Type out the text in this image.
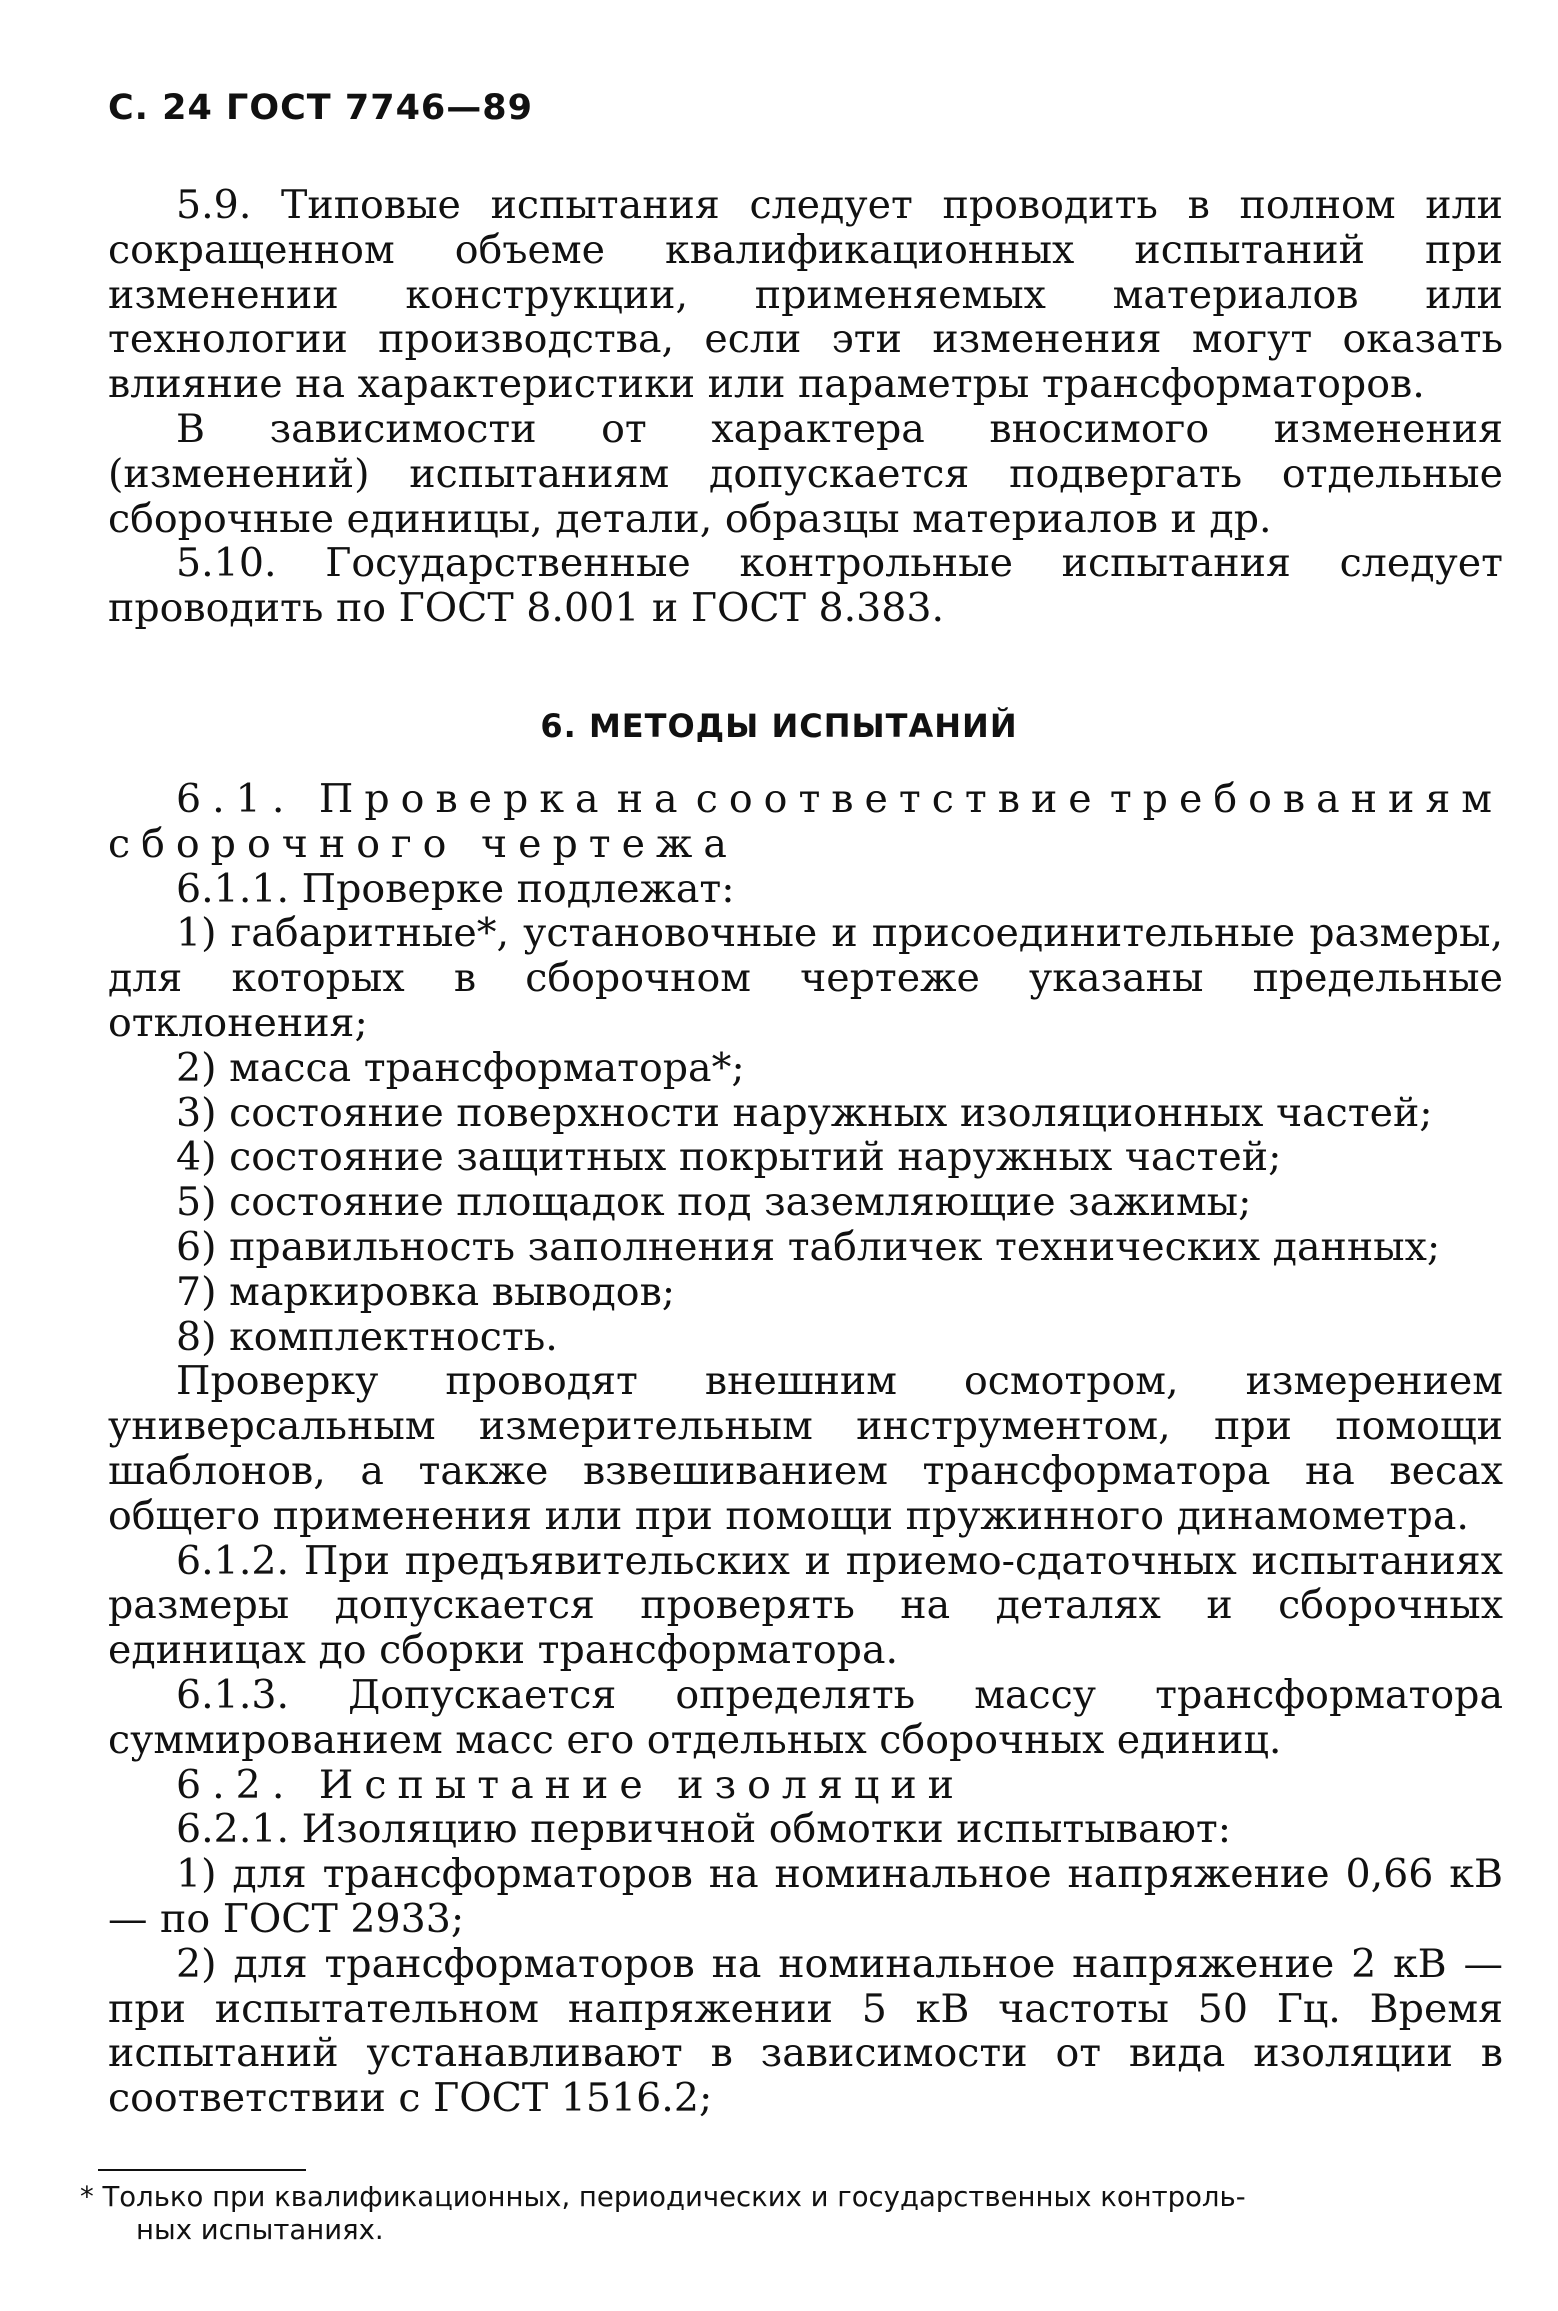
С. 24 ГОСТ 7746—89

5.9. Типовые испытания следует проводить в полном или сокращенном объеме квалификационных испытаний при изменении конструкции, применяемых материалов или технологии производства, если эти изменения могут оказать влияние на характеристики или параметры трансформаторов.

В зависимости от характера вносимого изменения (изменений) испытаниям допускается подвергать отдельные сборочные единицы, детали, образцы материалов и др.

5.10. Государственные контрольные испытания следует проводить по ГОСТ 8.001 и ГОСТ 8.383.

6. МЕТОДЫ ИСПЫТАНИЙ
6.1. Проверка на соответствие требованиям

сборочного чертежа

6.1.1. Проверке подлежат:

1) габаритные*, установочные и присоединительные размеры, для которых в сборочном чертеже указаны предельные отклонения;

2) масса трансформатора*;

3) состояние поверхности наружных изоляционных частей;

4) состояние защитных покрытий наружных частей;

5) состояние площадок под заземляющие зажимы;

6) правильность заполнения табличек технических данных;

7) маркировка выводов;

8) комплектность.

Проверку проводят внешним осмотром, измерением универсальным измерительным инструментом, при помощи шаблонов, а также взвешиванием трансформатора на весах общего применения или при помощи пружинного динамометра.

6.1.2. При предъявительских и приемо-сдаточных испытаниях размеры допускается проверять на деталях и сборочных единицах до сборки трансформатора.

6.1.3. Допускается определять массу трансформатора суммированием масс его отдельных сборочных единиц.

6.2. Испытание изоляции

6.2.1. Изоляцию первичной обмотки испытывают:

1) для трансформаторов на номинальное напряжение 0,66 кВ— по ГОСТ 2933;

2) для трансформаторов на номинальное напряжение 2 кВ — при испытательном напряжении 5 кВ частоты 50 Гц. Время испытаний устанавливают в зависимости от вида изоляции в соответствии с ГОСТ 1516.2;

* Только при квалификационных, периодических и государственных контроль-
ных испытаниях.
